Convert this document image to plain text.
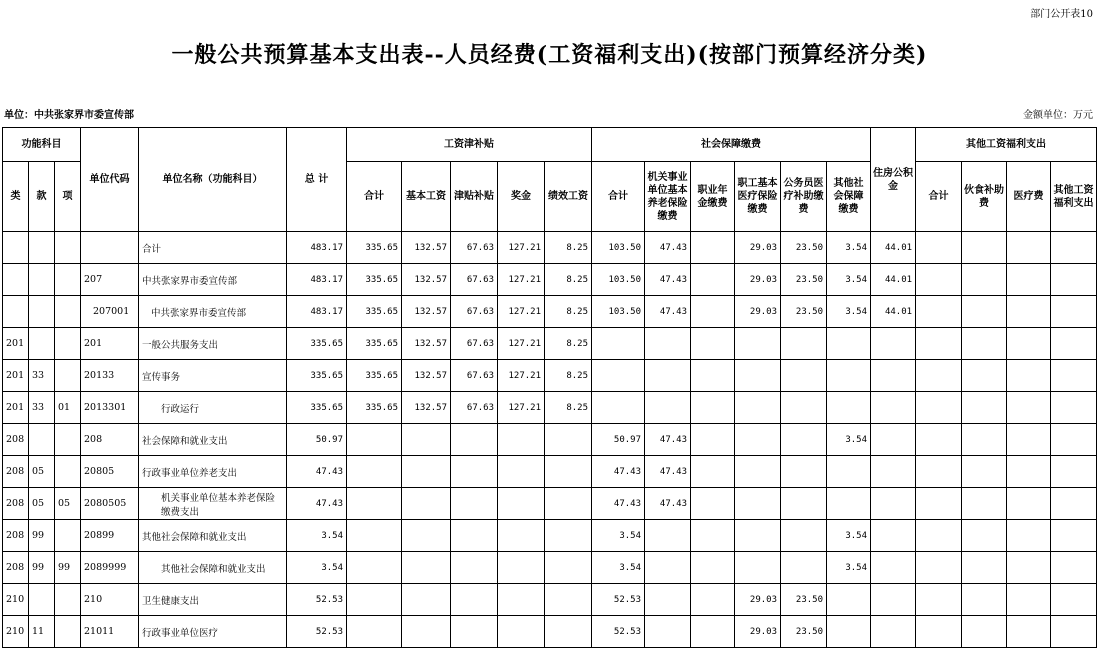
部门公开表10
一般公共预算基本支出表--人员经费(工资福利支出)(按部门预算经济分类)
单位：中共张家界市委宣传部	金额单位：万元
功能科目			单位代码	单位名称（功能科目）	总 计	工资津补贴					社会保障缴费						住房公积金	其他工资福利支出			
类	款	项				合计	基本工资	津贴补贴	奖金	绩效工资	合计	机关事业单位基本养老保险缴费	职业年金缴费	职工基本医疗保险缴费	公务员医疗补助缴费	其他社会保障缴费		合计	伙食补助费	医疗费	其他工资福利支出
				合计	483.17	335.65	132.57	67.63	127.21	8.25	103.50	47.43		29.03	23.50	3.54	44.01				
			207	中共张家界市委宣传部	483.17	335.65	132.57	67.63	127.21	8.25	103.50	47.43		29.03	23.50	3.54	44.01				
			207001	中共张家界市委宣传部	483.17	335.65	132.57	67.63	127.21	8.25	103.50	47.43		29.03	23.50	3.54	44.01				
201			201	一般公共服务支出	335.65	335.65	132.57	67.63	127.21	8.25											
201	33		20133	宣传事务	335.65	335.65	132.57	67.63	127.21	8.25											
201	33	01	2013301	行政运行	335.65	335.65	132.57	67.63	127.21	8.25											
208			208	社会保障和就业支出	50.97						50.97	47.43				3.54					
208	05		20805	行政事业单位养老支出	47.43						47.43	47.43									
208	05	05	2080505	机关事业单位基本养老保险缴费支出	47.43						47.43	47.43									
208	99		20899	其他社会保障和就业支出	3.54						3.54					3.54					
208	99	99	2089999	其他社会保障和就业支出	3.54						3.54					3.54					
210			210	卫生健康支出	52.53						52.53			29.03	23.50						
210	11		21011	行政事业单位医疗	52.53						52.53			29.03	23.50						
